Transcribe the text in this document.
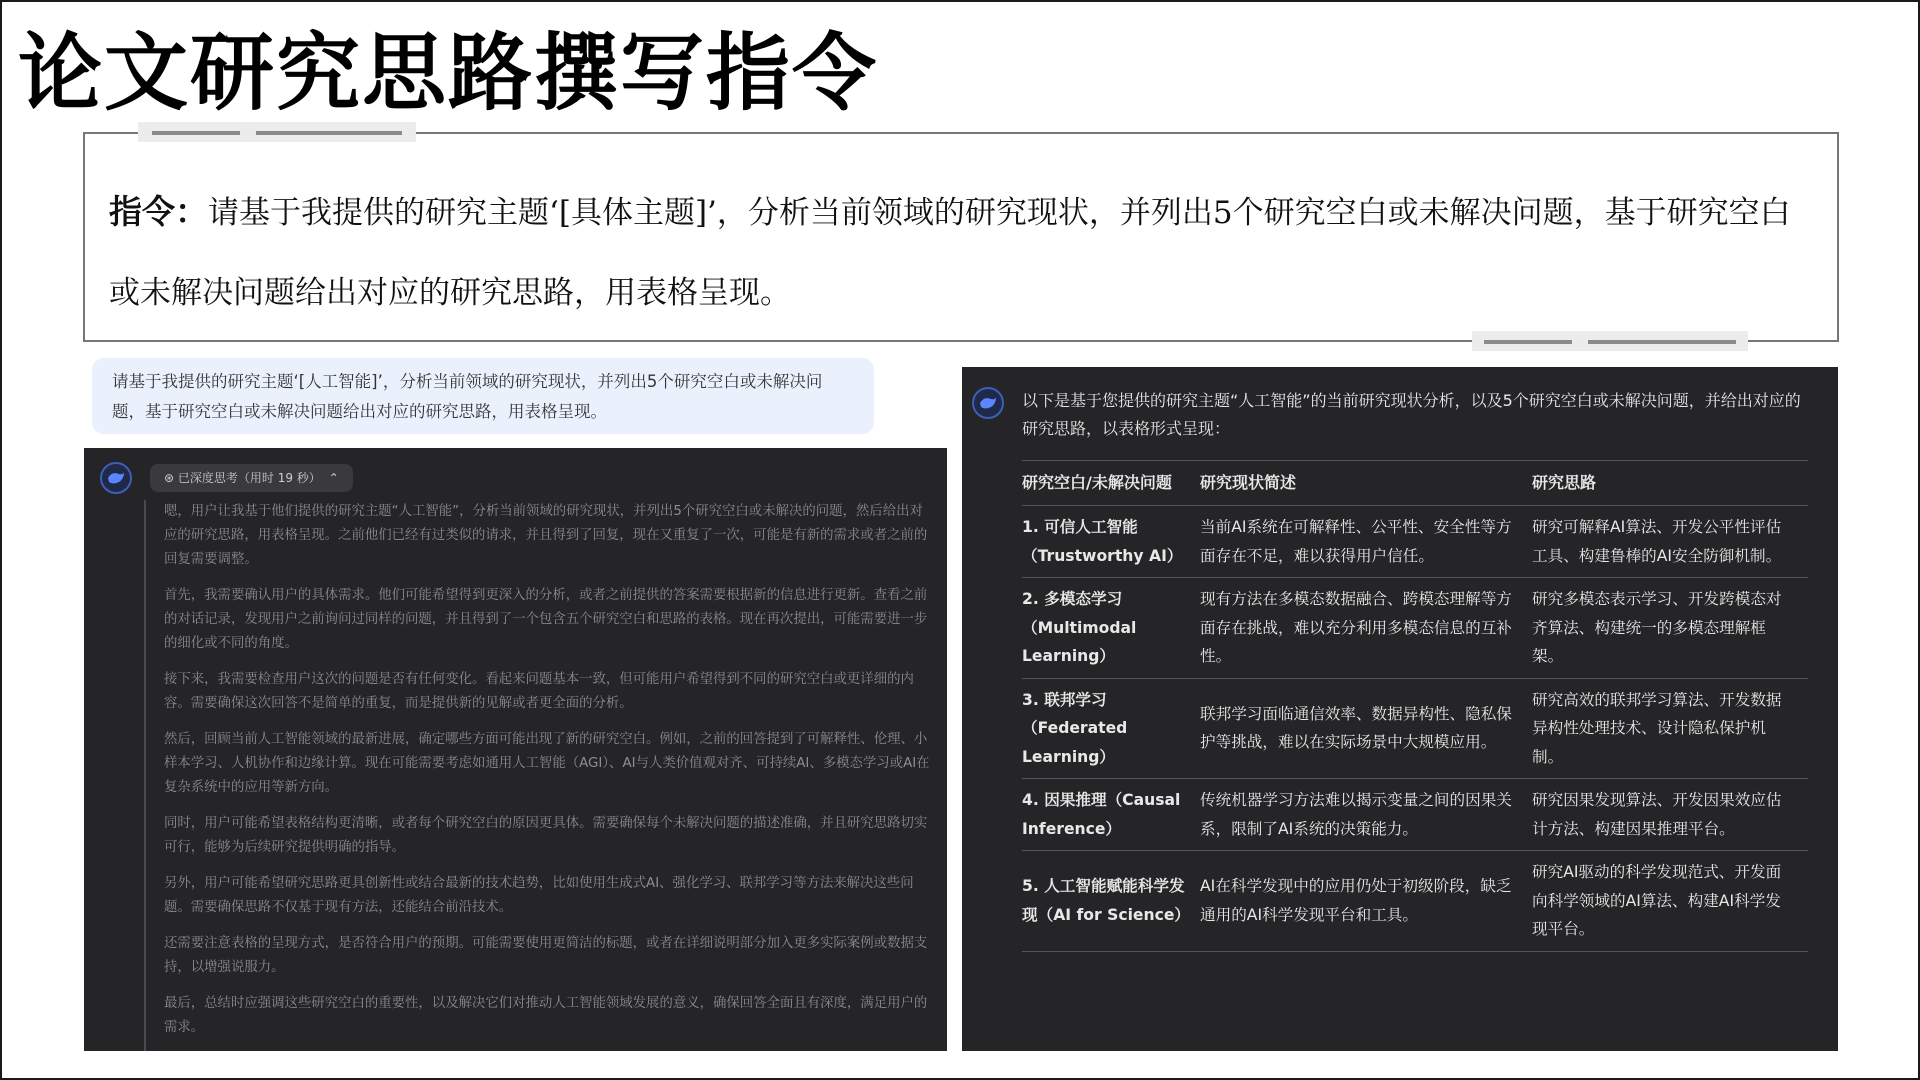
论文研究思路撰写指令
指令：请基于我提供的研究主题‘[具体主题]’，分析当前领域的研究现状，并列出5个研究空白或未解决问题，基于研究空白或未解决问题给出对应的研究思路，用表格呈现。
请基于我提供的研究主题‘[人工智能]’，分析当前领域的研究现状，并列出5个研究空白或未解决问题，基于研究空白或未解决问题给出对应的研究思路，用表格呈现。
⊛ 已深度思考（用时 19 秒） ⌃

嗯，用户让我基于他们提供的研究主题“人工智能”，分析当前领域的研究现状，并列出5个研究空白或未解决的问题，然后给出对应的研究思路，用表格呈现。之前他们已经有过类似的请求，并且得到了回复，现在又重复了一次，可能是有新的需求或者之前的回复需要调整。

首先，我需要确认用户的具体需求。他们可能希望得到更深入的分析，或者之前提供的答案需要根据新的信息进行更新。查看之前的对话记录，发现用户之前询问过同样的问题，并且得到了一个包含五个研究空白和思路的表格。现在再次提出，可能需要进一步的细化或不同的角度。

接下来，我需要检查用户这次的问题是否有任何变化。看起来问题基本一致，但可能用户希望得到不同的研究空白或更详细的内容。需要确保这次回答不是简单的重复，而是提供新的见解或者更全面的分析。

然后，回顾当前人工智能领域的最新进展，确定哪些方面可能出现了新的研究空白。例如，之前的回答提到了可解释性、伦理、小样本学习、人机协作和边缘计算。现在可能需要考虑如通用人工智能（AGI）、AI与人类价值观对齐、可持续AI、多模态学习或AI在复杂系统中的应用等新方向。

同时，用户可能希望表格结构更清晰，或者每个研究空白的原因更具体。需要确保每个未解决问题的描述准确，并且研究思路切实可行，能够为后续研究提供明确的指导。

另外，用户可能希望研究思路更具创新性或结合最新的技术趋势，比如使用生成式AI、强化学习、联邦学习等方法来解决这些问题。需要确保思路不仅基于现有方法，还能结合前沿技术。

还需要注意表格的呈现方式，是否符合用户的预期。可能需要使用更简洁的标题，或者在详细说明部分加入更多实际案例或数据支持，以增强说服力。

最后，总结时应强调这些研究空白的重要性，以及解决它们对推动人工智能领域发展的意义，确保回答全面且有深度，满足用户的需求。

以下是基于您提供的研究主题“人工智能”的当前研究现状分析，以及5个研究空白或未解决问题，并给出对应的研究思路，以表格形式呈现：
研究空白/未解决问题	研究现状简述	研究思路
1. 可信人工智能（Trustworthy AI）	当前AI系统在可解释性、公平性、安全性等方面存在不足，难以获得用户信任。	研究可解释AI算法、开发公平性评估工具、构建鲁棒的AI安全防御机制。
2. 多模态学习（Multimodal Learning）	现有方法在多模态数据融合、跨模态理解等方面存在挑战，难以充分利用多模态信息的互补性。	研究多模态表示学习、开发跨模态对齐算法、构建统一的多模态理解框架。
3. 联邦学习（Federated Learning）	联邦学习面临通信效率、数据异构性、隐私保护等挑战，难以在实际场景中大规模应用。	研究高效的联邦学习算法、开发数据异构性处理技术、设计隐私保护机制。
4. 因果推理（Causal Inference）	传统机器学习方法难以揭示变量之间的因果关系，限制了AI系统的决策能力。	研究因果发现算法、开发因果效应估计方法、构建因果推理平台。
5. 人工智能赋能科学发现（AI for Science）	AI在科学发现中的应用仍处于初级阶段，缺乏通用的AI科学发现平台和工具。	研究AI驱动的科学发现范式、开发面向科学领域的AI算法、构建AI科学发现平台。
